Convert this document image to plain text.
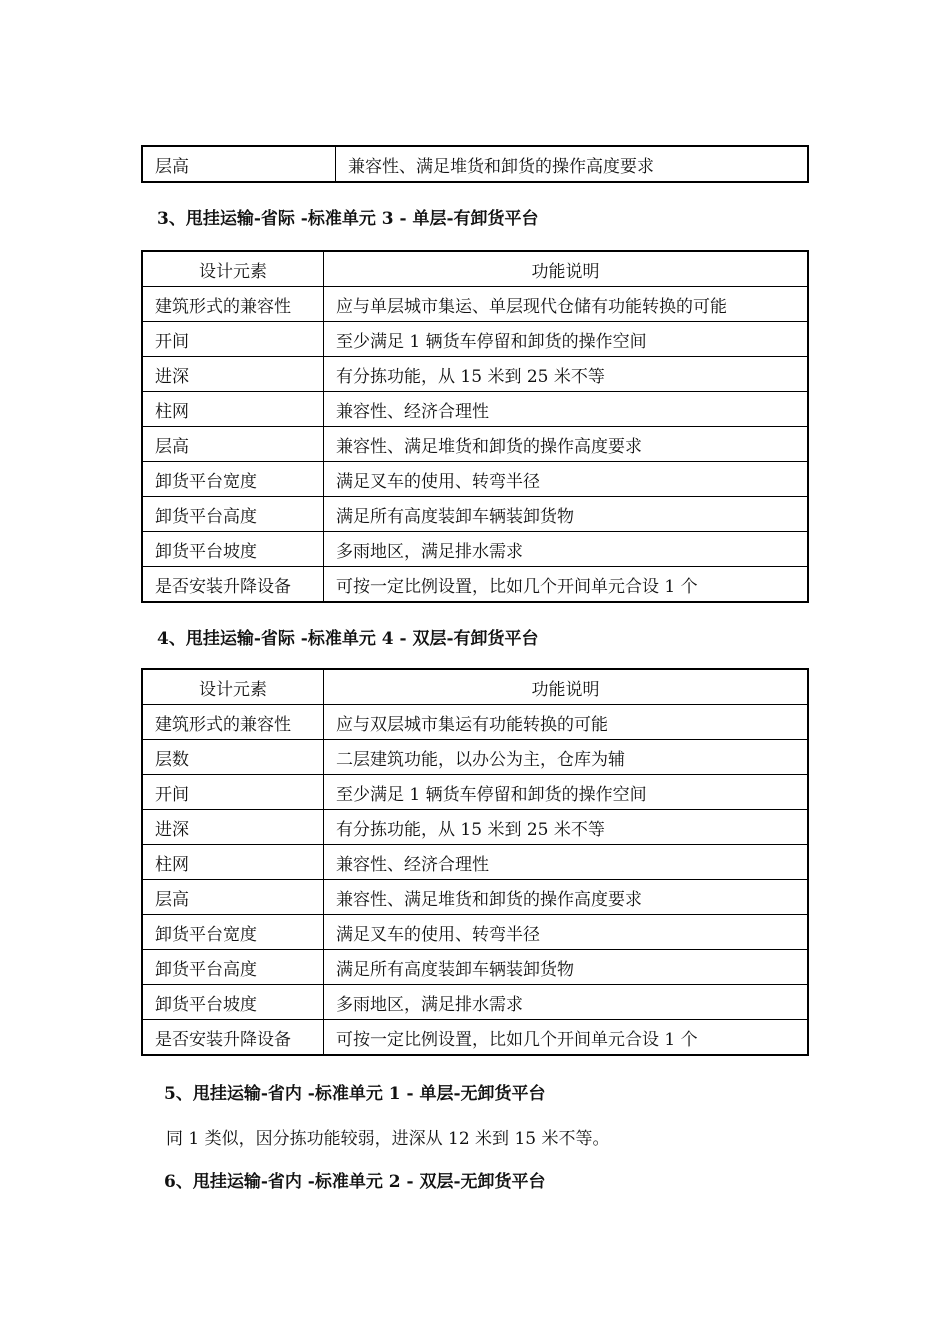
层高	兼容性、满足堆货和卸货的操作高度要求
3、甩挂运输-省际 -标准单元 3 - 单层-有卸货平台
设计元素	功能说明
建筑形式的兼容性	应与单层城市集运、单层现代仓储有功能转换的可能
开间	至少满足 1 辆货车停留和卸货的操作空间
进深	有分拣功能，从 15 米到 25 米不等
柱网	兼容性、经济合理性
层高	兼容性、满足堆货和卸货的操作高度要求
卸货平台宽度	满足叉车的使用、转弯半径
卸货平台高度	满足所有高度装卸车辆装卸货物
卸货平台坡度	多雨地区，满足排水需求
是否安装升降设备	可按一定比例设置，比如几个开间单元合设 1 个
4、甩挂运输-省际 -标准单元 4 - 双层-有卸货平台
设计元素	功能说明
建筑形式的兼容性	应与双层城市集运有功能转换的可能
层数	二层建筑功能，以办公为主，仓库为辅
开间	至少满足 1 辆货车停留和卸货的操作空间
进深	有分拣功能，从 15 米到 25 米不等
柱网	兼容性、经济合理性
层高	兼容性、满足堆货和卸货的操作高度要求
卸货平台宽度	满足叉车的使用、转弯半径
卸货平台高度	满足所有高度装卸车辆装卸货物
卸货平台坡度	多雨地区，满足排水需求
是否安装升降设备	可按一定比例设置，比如几个开间单元合设 1 个
5、甩挂运输-省内 -标准单元 1 - 单层-无卸货平台
同 1 类似，因分拣功能较弱，进深从 12 米到 15 米不等。
6、甩挂运输-省内 -标准单元 2 - 双层-无卸货平台
